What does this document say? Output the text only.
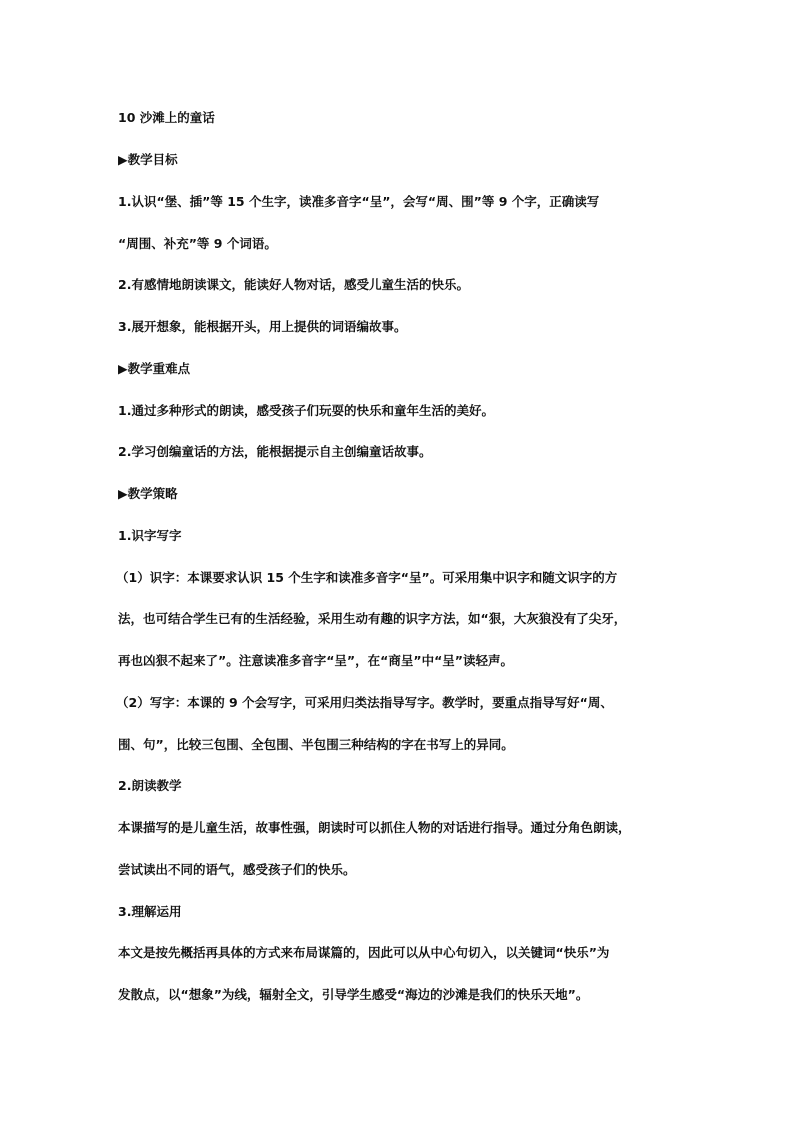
10 沙滩上的童话
▶教学目标
1.认识“堡、插”等 15 个生字，读准多音字“呈”，会写“周、围”等 9 个字，正确读写
“周围、补充”等 9 个词语。
2.有感情地朗读课文，能读好人物对话，感受儿童生活的快乐。
3.展开想象，能根据开头，用上提供的词语编故事。
▶教学重难点
1.通过多种形式的朗读，感受孩子们玩耍的快乐和童年生活的美好。
2.学习创编童话的方法，能根据提示自主创编童话故事。
▶教学策略
1.识字写字
（1）识字：本课要求认识 15 个生字和读准多音字“呈”。可采用集中识字和随文识字的方
法，也可结合学生已有的生活经验，采用生动有趣的识字方法，如“狠，大灰狼没有了尖牙，
再也凶狠不起来了”。注意读准多音字“呈”，在“商呈”中“呈”读轻声。
（2）写字：本课的 9 个会写字，可采用归类法指导写字。教学时，要重点指导写好“周、
围、句”，比较三包围、全包围、半包围三种结构的字在书写上的异同。
2.朗读教学
本课描写的是儿童生活，故事性强，朗读时可以抓住人物的对话进行指导。通过分角色朗读，
尝试读出不同的语气，感受孩子们的快乐。
3.理解运用
本文是按先概括再具体的方式来布局谋篇的，因此可以从中心句切入，以关键词“快乐”为
发散点，以“想象”为线，辐射全文，引导学生感受“海边的沙滩是我们的快乐天地”。
